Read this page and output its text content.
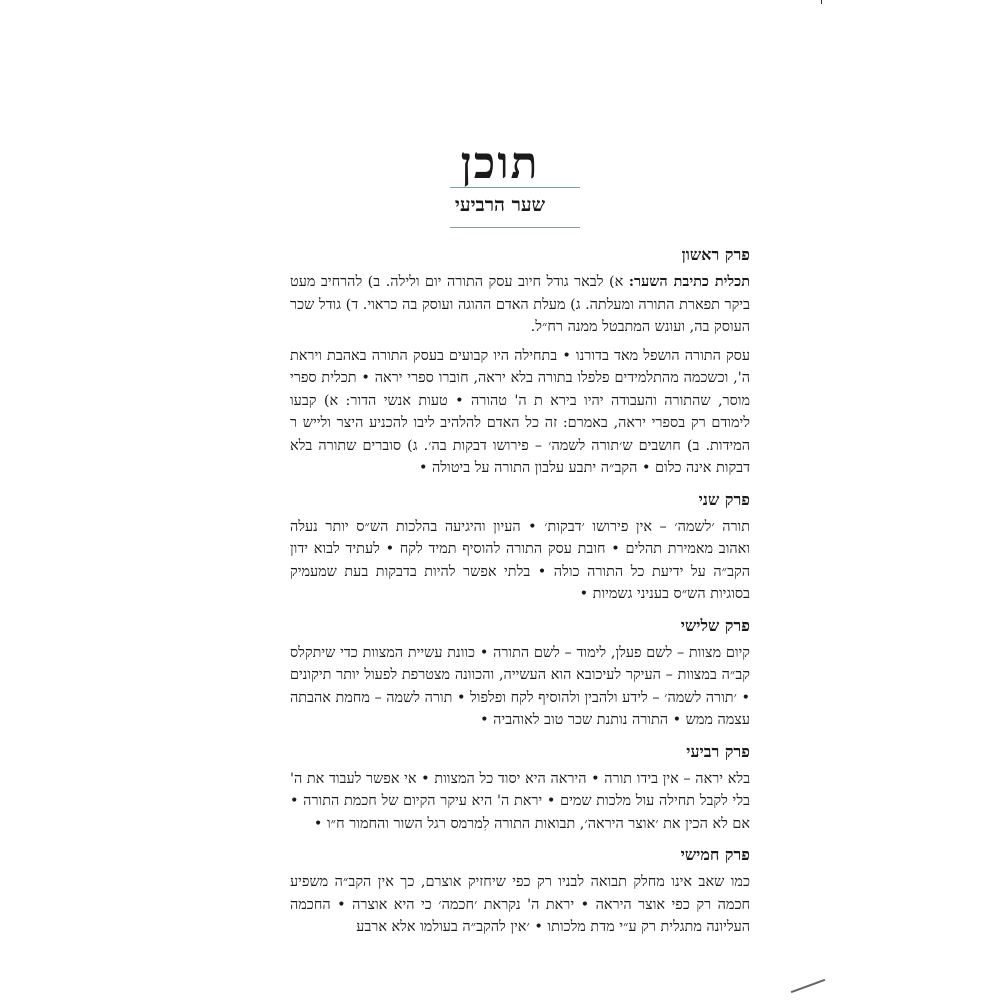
תוכן
שער הרביעי
פרק ראשון

תכלית כתיבת השער: א) לבאר גודל חיוב עסק התורה יום ולילה. ב) להרחיב מעט ביקר תפארת התורה ומעלתה. ג) מעלת האדם ההוגה ועוסק בה כראוי. ד) גודל שכר העוסק בה, ועונש המתבטל ממנה רח״ל.

עסק התורה הושפל מאד בדורנו • בתחילה היו קבועים בעסק התורה באהבת ויראת ה', וכשכמה מהתלמידים פלפלו בתורה בלא יראה, חוברו ספרי יראה • תכלית ספרי מוסר, שהתורה והעבודה יהיו בירא ת ה' טהורה • טעות אנשי הדור: א) קבעו לימודם רק בספרי יראה, באמרם: זה כל האדם להלהיב ליבו להכניע היצר ולייש ר המידות. ב) חושבים ש׳תורה לשמה׳ – פירושו דבקות בה׳. ג) סוברים שתורה בלא דבקות אינה כלום • הקב״ה יתבע עלבון התורה על ביטולה •

פרק שני

תורה ׳לשמה׳ – אין פירושו ׳דבקות׳ • העיון והיגיעה בהלכות הש״ס יותר נעלה ואהוב מאמירת תהלים • חובת עסק התורה להוסיף תמיד לקח • לעתיד לבוא ידון הקב״ה על ידיעת כל התורה כולה • בלתי אפשר להיות בדבקות בעת שמעמיק בסוגיות הש״ס בעניני גשמיות •

פרק שלישי

קיום מצוות – לשם פעלן, לימוד – לשם התורה • כוונת עשיית המצוות כדי שיתקלס קב״ה במצוות – העיקר לעיכובא הוא העשייה, והכוונה מצטרפת לפעול יותר תיקונים • ׳תורה לשמה׳ – לידע ולהבין ולהוסיף לקח ופלפול • תורה לשמה – מחמת אהבתה עצמה ממש • התורה נותנת שכר טוב לאוהביה •

פרק רביעי

בלא יראה – אין בידו תורה • היראה היא יסוד כל המצוות • אי אפשר לעבוד את ה' בלי לקבל תחילה עול מלכות שמים • יראת ה' היא עיקר הקיום של חכמת התורה • אם לא הכין את ׳אוצר היראה׳, תבואות התורה לִמרמס רגל השור והחמור ח״ו •

פרק חמישי

כמו שאב אינו מחלק תבואה לבניו רק כפי שיחזיק אוצרם, כך אין הקב״ה משפיע חכמה רק כפי אוצר היראה • יראת ה' נקראת ׳חכמה׳ כי היא אוצרה • החכמה העליונה מתגלית רק ע״י מדת מלכותו • ׳אין להקב״ה בעולמו אלא ארבע
